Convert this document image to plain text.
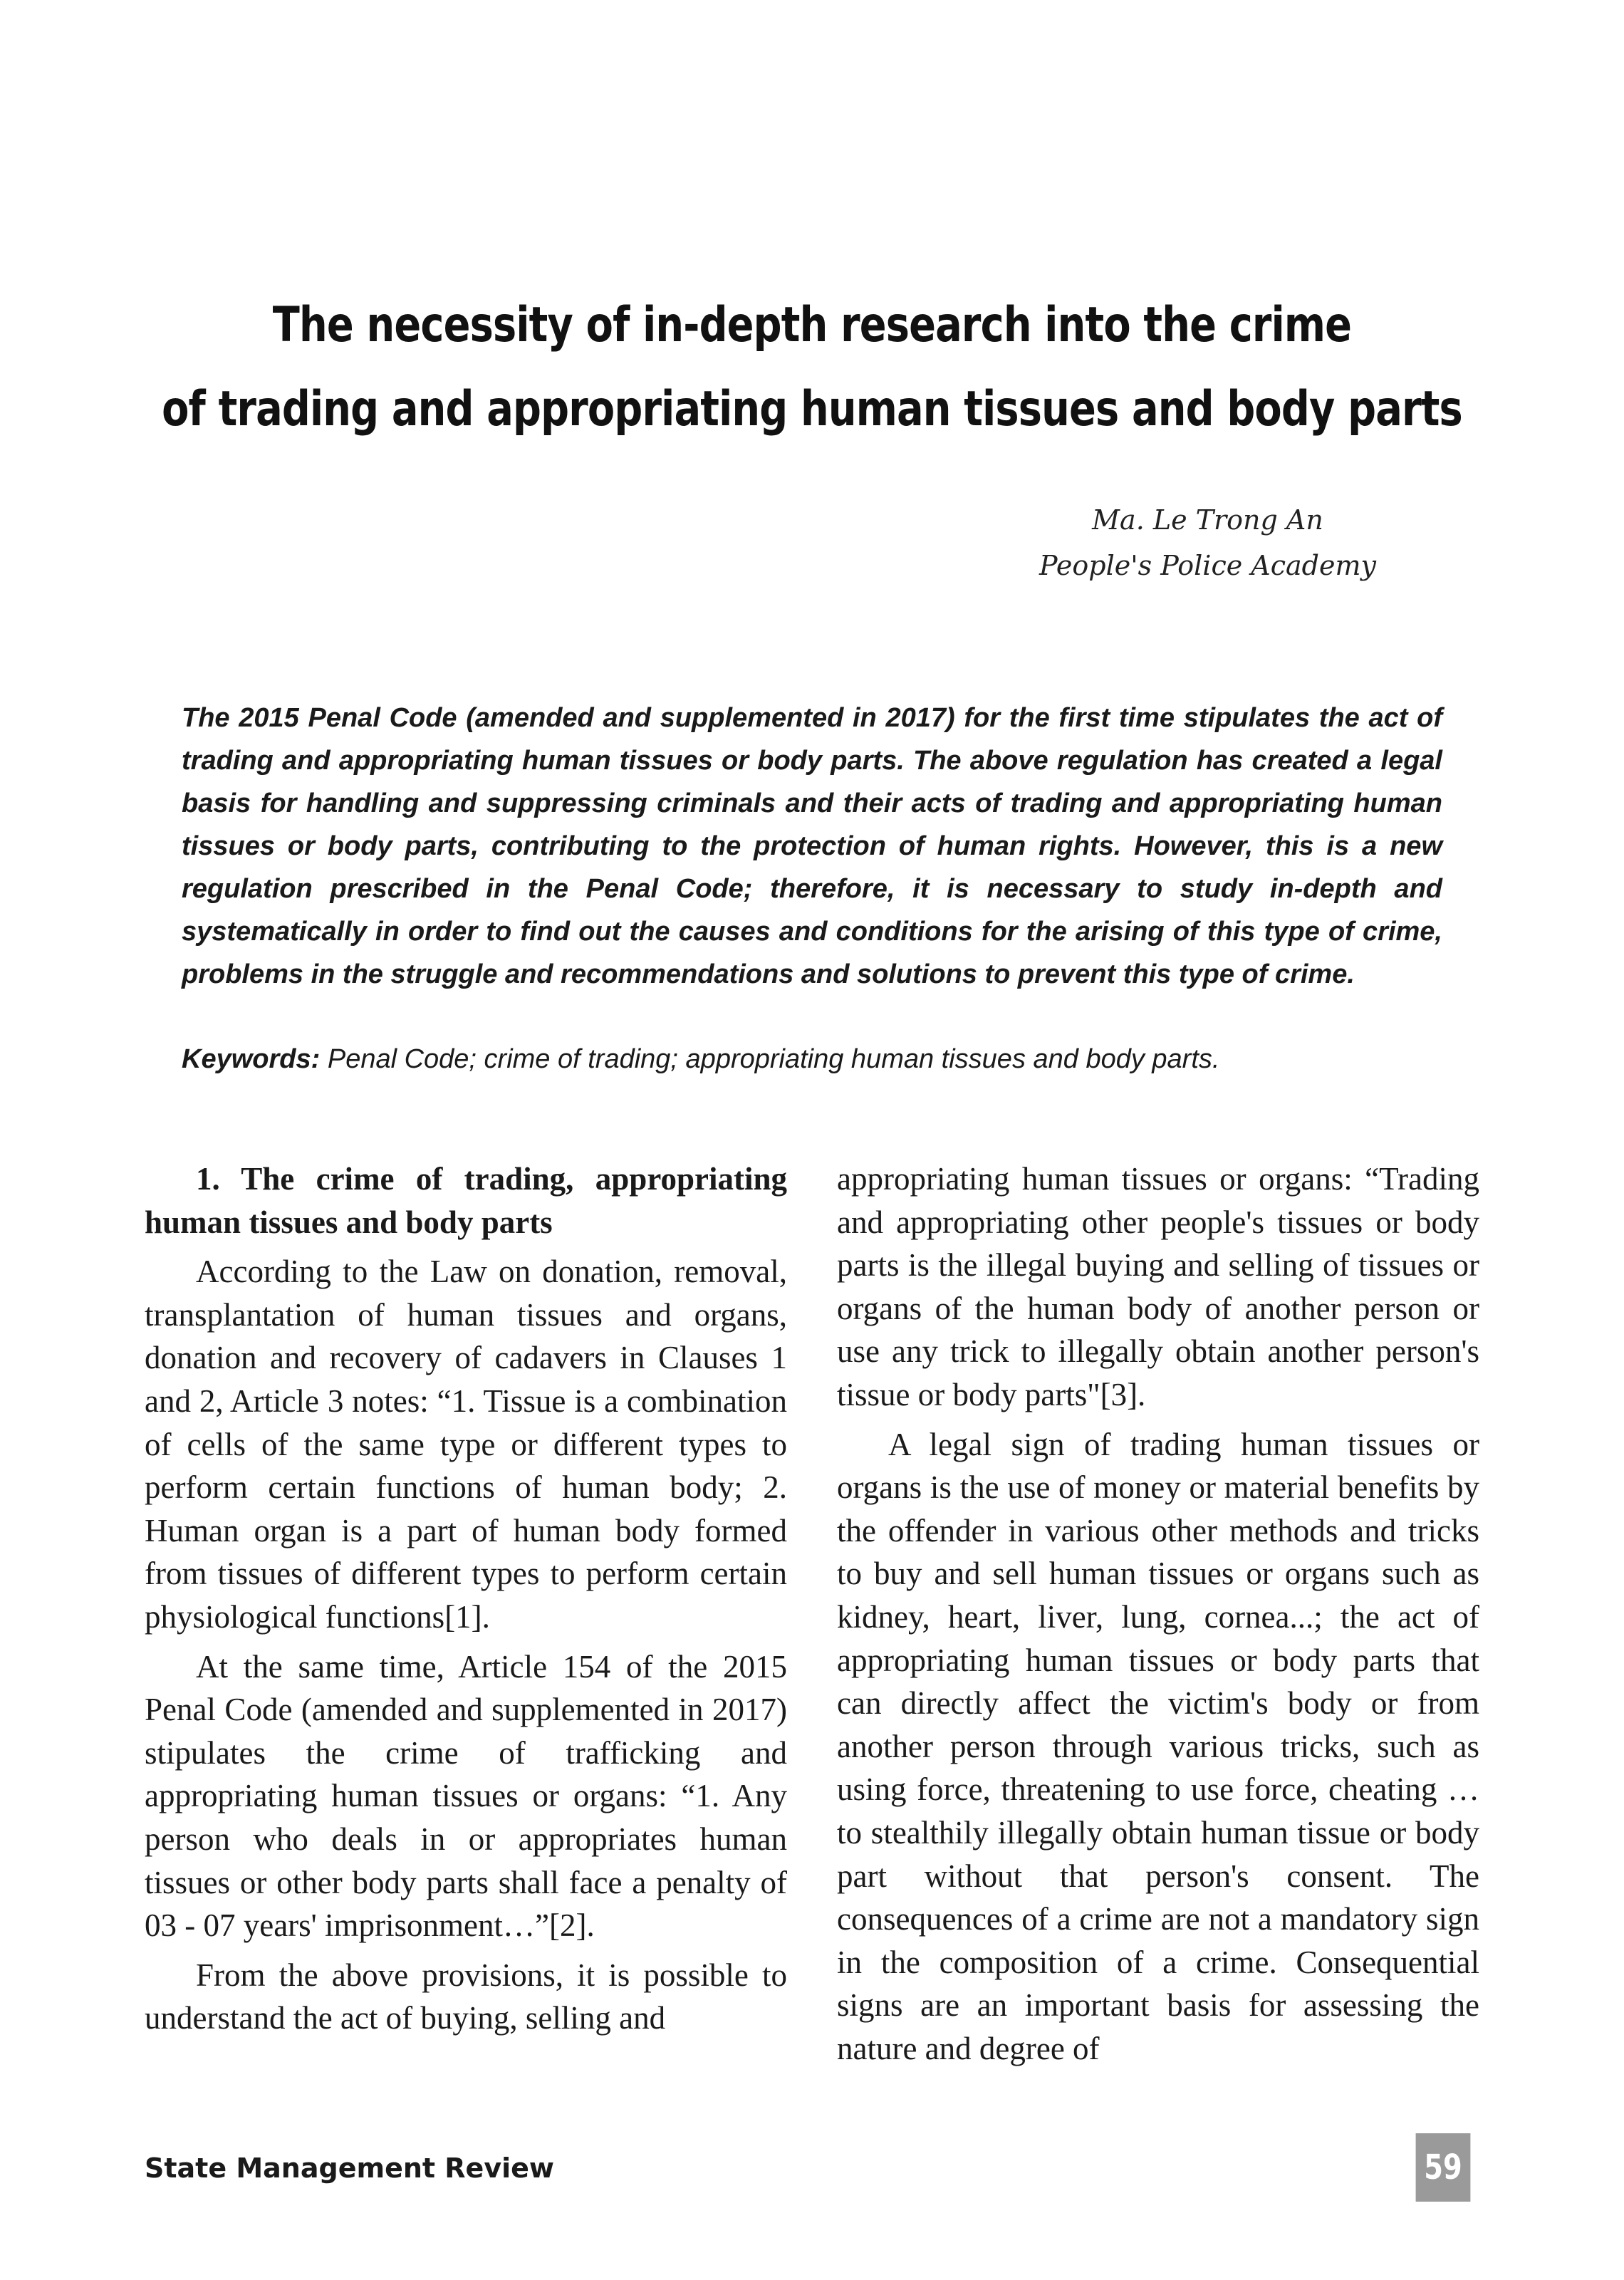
The necessity of in-depth research into the crime
of trading and appropriating human tissues and body parts
Ma. Le Trong An
People's Police Academy

The 2015 Penal Code (amended and supplemented in 2017) for the first time stipulates the act of trading and appropriating human tissues or body parts. The above regulation has created a legal basis for handling and suppressing criminals and their acts of trading and appropriating human tissues or body parts, contributing to the protection of human rights. However, this is a new regulation prescribed in the Penal Code; therefore, it is necessary to study in-depth and systematically in order to find out the causes and conditions for the arising of this type of crime, problems in the struggle and recommendations and solutions to prevent this type of crime.

Keywords: Penal Code; crime of trading; appropriating human tissues and body parts.

1. The crime of trading, appropriating human tissues and body parts

According to the Law on donation, removal, transplantation of human tissues and organs, donation and recovery of cadavers in Clauses 1 and 2, Article 3 notes: “1. Tissue is a combination of cells of the same type or different types to perform certain functions of human body; 2. Human organ is a part of human body formed from tissues of different types to perform certain physiological functions[1].

At the same time, Article 154 of the 2015 Penal Code (amended and supplemented in 2017) stipulates the crime of trafficking and appropriating human tissues or organs: “1. Any person who deals in or appropriates human tissues or other body parts shall face a penalty of 03 - 07 years' imprisonment…”[2].

From the above provisions, it is possible to understand the act of buying, selling and

appropriating human tissues or organs: “Trading and appropriating other people's tissues or body parts is the illegal buying and selling of tissues or organs of the human body of another person or use any trick to illegally obtain another person's tissue or body parts"[3].

A legal sign of trading human tissues or organs is the use of money or material benefits by the offender in various other methods and tricks to buy and sell human tissues or organs such as kidney, heart, liver, lung, cornea...; the act of appropriating human tissues or body parts that can directly affect the victim's body or from another person through various tricks, such as using force, threatening to use force, cheating … to stealthily illegally obtain human tissue or body part without that person's consent. The consequences of a crime are not a mandatory sign in the composition of a crime. Consequential signs are an important basis for assessing the nature and degree of

State Management Review	59
